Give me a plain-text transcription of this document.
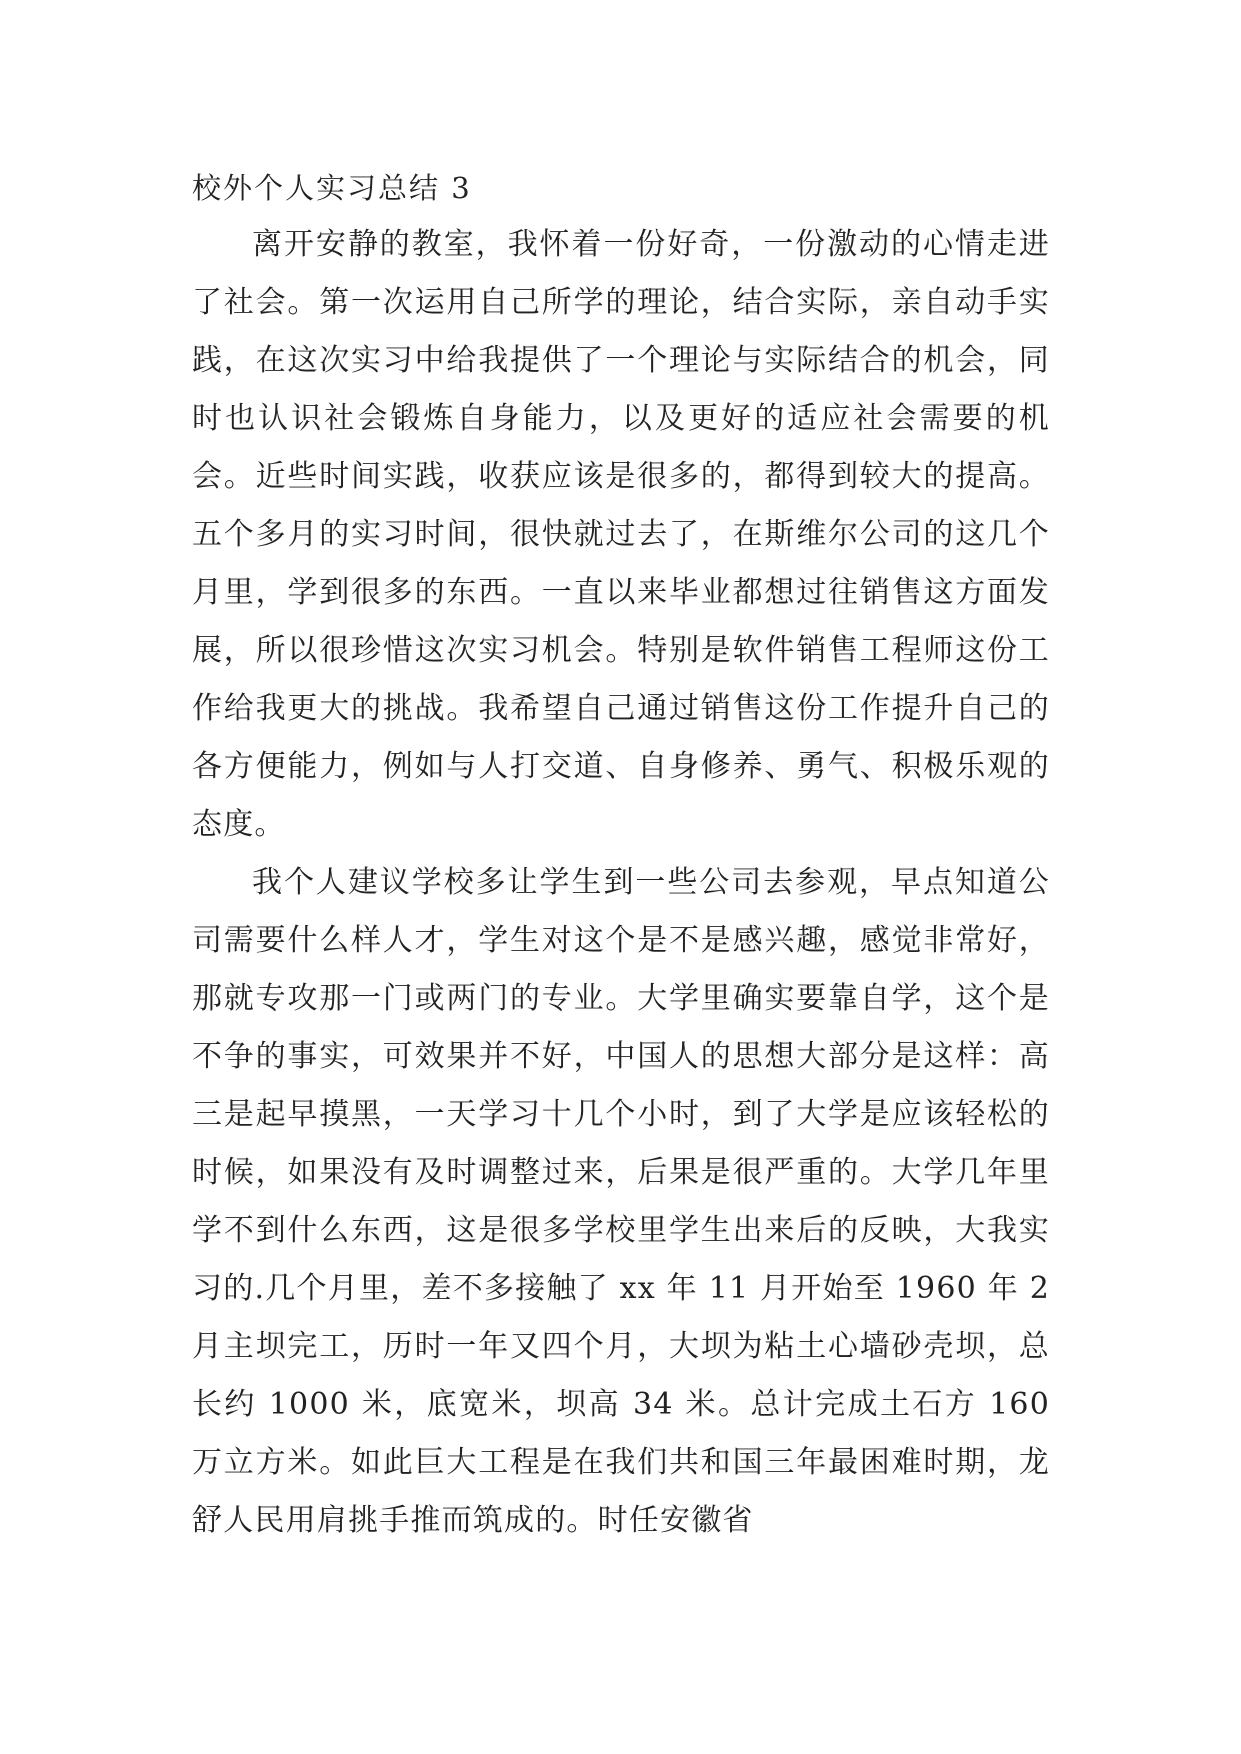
校外个人实习总结 3

离开安静的教室，我怀着一份好奇，一份激动的心情走进了社会。第一次运用自己所学的理论，结合实际，亲自动手实践，在这次实习中给我提供了一个理论与实际结合的机会，同时也认识社会锻炼自身能力，以及更好的适应社会需要的机会。近些时间实践，收获应该是很多的，都得到较大的提高。五个多月的实习时间，很快就过去了，在斯维尔公司的这几个月里，学到很多的东西。一直以来毕业都想过往销售这方面发展，所以很珍惜这次实习机会。特别是软件销售工程师这份工作给我更大的挑战。我希望自己通过销售这份工作提升自己的各方便能力，例如与人打交道、自身修养、勇气、积极乐观的态度。

我个人建议学校多让学生到一些公司去参观，早点知道公司需要什么样人才，学生对这个是不是感兴趣，感觉非常好，那就专攻那一门或两门的专业。大学里确实要靠自学，这个是不争的事实，可效果并不好，中国人的思想大部分是这样：高三是起早摸黑，一天学习十几个小时，到了大学是应该轻松的时候，如果没有及时调整过来，后果是很严重的。大学几年里学不到什么东西，这是很多学校里学生出来后的反映，大我实习的.几个月里，差不多接触了 xx 年 11 月开始至 1960 年 2 月主坝完工，历时一年又四个月，大坝为粘土心墙砂壳坝，总长约 1000 米，底宽米，坝高 34 米。总计完成土石方 160 万立方米。如此巨大工程是在我们共和国三年最困难时期，龙舒人民用肩挑手推而筑成的。时任安徽省
